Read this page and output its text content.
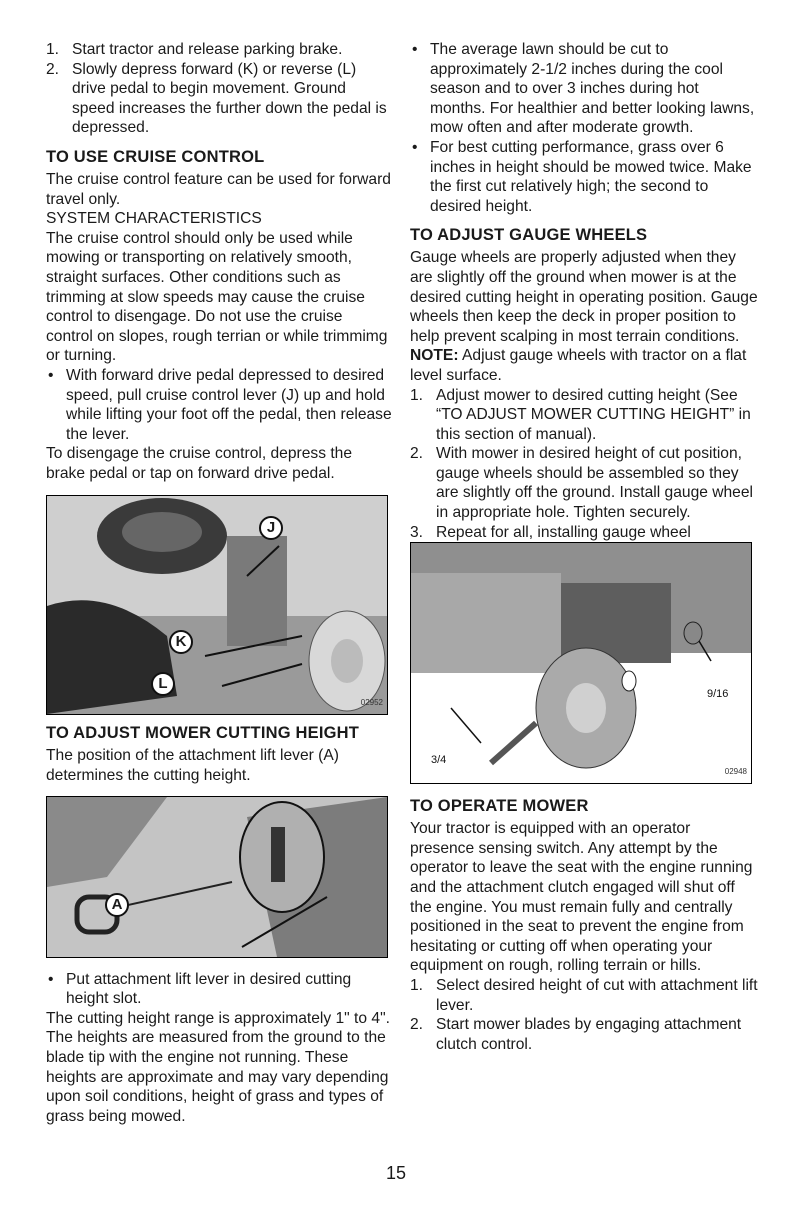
1. Start tractor and release parking brake.
2. Slowly depress forward (K) or reverse (L) drive pedal to begin movement. Ground speed increases the further down the pedal is depressed.
TO USE CRUISE CONTROL

The cruise control feature can be used for forward travel only.

SYSTEM CHARACTERISTICS

The cruise control should only be used while mowing or transporting on relatively smooth, straight surfaces. Other conditions such as trimming at slow speeds may cause the cruise control to disengage. Do not use the cruise control on slopes, rough terrian or while trimmimg or turning.

• With forward drive pedal depressed to desired speed, pull cruise control lever (J) up and hold while lifting your foot off the pedal, then release the lever.

To disengage the cruise control, depress the brake pedal or tap on forward drive pedal.

J
K
L
02952
TO ADJUST MOWER CUTTING HEIGHT

The position of the attachment lift lever (A) determines the cutting height.

A
• Put attachment lift lever in desired cutting height slot.

The cutting height range is approximately 1" to 4". The heights are measured from the ground to the blade tip with the engine not running. These heights are approximate and may vary depending upon soil conditions, height of grass and types of grass being mowed.

• The average lawn should be cut to approximately 2-1/2 inches during the cool season and to over 3 inches during hot months. For healthier and better looking lawns, mow often and after moderate growth.
• For best cutting performance, grass over 6 inches in height should be mowed twice. Make the first cut relatively high; the second to desired height.
TO ADJUST GAUGE WHEELS

Gauge wheels are properly adjusted when they are slightly off the ground when mower is at the desired cutting height in operating position. Gauge wheels then keep the deck in proper position to help prevent scalping in most terrain conditions.

NOTE: Adjust gauge wheels with tractor on a flat level surface.

1. Adjust mower to desired cutting height (See “TO ADJUST MOWER CUTTING HEIGHT” in this section of manual).
2. With mower in desired height of cut position, gauge wheels should be assembled so they are slightly off the ground. Install gauge wheel in appropriate hole. Tighten securely.
3. Repeat for all, installing gauge wheel
9/16
3/4
02948
TO OPERATE MOWER

Your tractor is equipped with an operator presence sensing switch. Any attempt by the operator to leave the seat with the engine running and the attachment clutch engaged will shut off the engine. You must remain fully and centrally positioned in the seat to prevent the engine from hesitating or cutting off when operating your equipment on rough, rolling terrain or hills.

1. Select desired height of cut with attachment lift lever.
2. Start mower blades by engaging attachment clutch control.
15
